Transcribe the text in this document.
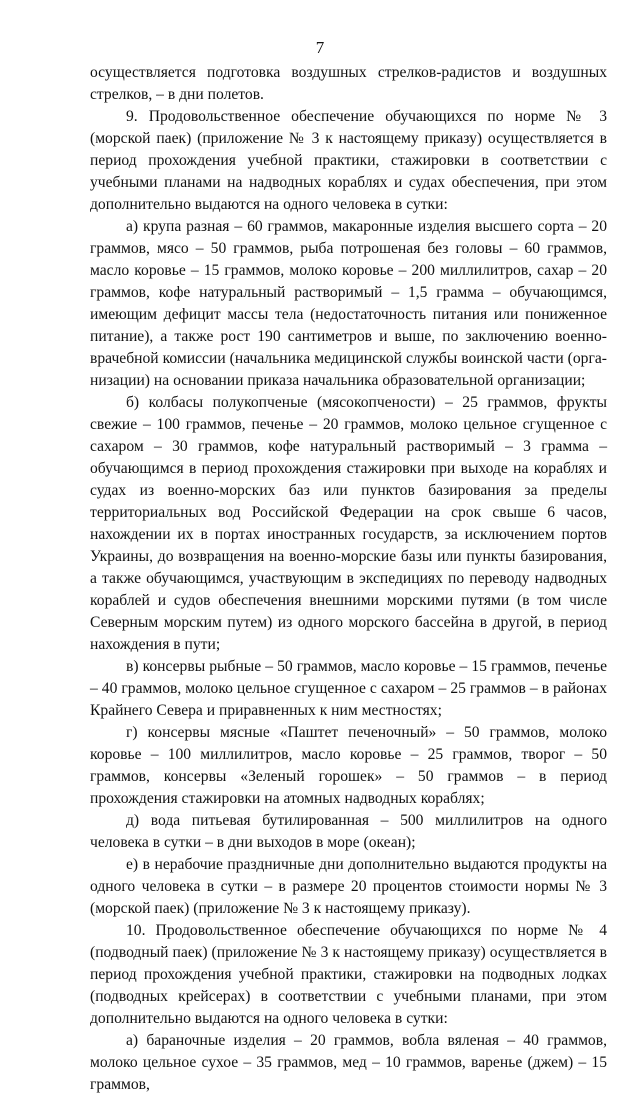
7

осуществляется подготовка воздушных стрелков-радистов и воздушных стрелков, – в дни полетов.

9. Продовольственное обеспечение обучающихся по норме № 3 (морской паек) (приложение № 3 к настоящему приказу) осуществляется в период прохождения учебной практики, стажировки в соответствии с учебными планами на надводных кораблях и судах обеспечения, при этом дополнительно выдаются на одного человека в сутки:

а) крупа разная – 60 граммов, макаронные изделия высшего сорта – 20 граммов, мясо – 50 граммов, рыба потрошеная без головы – 60 граммов, масло коровье – 15 граммов, молоко коровье – 200 миллилитров, сахар – 20 граммов, кофе натуральный растворимый – 1,5 грамма – обучающимся, имеющим дефицит массы тела (недостаточность питания или пониженное питание), а также рост 190 сантиметров и выше, по заключению военноврачебной комиссии (начальника медицинской службы воинской части (организации) на основании приказа начальника образовательной организации;

б) колбасы полукопченые (мясокопчености) – 25 граммов, фрукты свежие – 100 граммов, печенье – 20 граммов, молоко цельное сгущенное с сахаром – 30 граммов, кофе натуральный растворимый – 3 грамма – обучающимся в период прохождения стажировки при выходе на кораблях и судах из военно-морских баз или пунктов базирования за пределы территориальных вод Российской Федерации на срок свыше 6 часов, нахождении их в портах иностранных государств, за исключением портов Украины, до возвращения на военно-морские базы или пункты базирования, а также обучающимся, участвующим в экспедициях по переводу надводных кораблей и судов обеспечения внешними морскими путями (в том числе Северным морским путем) из одного морского бассейна в другой, в период нахождения в пути;

в) консервы рыбные – 50 граммов, масло коровье – 15 граммов, печенье – 40 граммов, молоко цельное сгущенное с сахаром – 25 граммов – в районах Крайнего Севера и приравненных к ним местностях;

г) консервы мясные «Паштет печеночный» – 50 граммов, молоко коровье – 100 миллилитров, масло коровье – 25 граммов, творог – 50 граммов, консервы «Зеленый горошек» – 50 граммов – в период прохождения стажировки на атомных надводных кораблях;

д) вода питьевая бутилированная – 500 миллилитров на одного человека в сутки – в дни выходов в море (океан);

е) в нерабочие праздничные дни дополнительно выдаются продукты на одного человека в сутки – в размере 20 процентов стоимости нормы № 3 (морской паек) (приложение № 3 к настоящему приказу).

10. Продовольственное обеспечение обучающихся по норме № 4 (подводный паек) (приложение № 3 к настоящему приказу) осуществляется в период прохождения учебной практики, стажировки на подводных лодках (подводных крейсерах) в соответствии с учебными планами, при этом дополнительно выдаются на одного человека в сутки:

а) бараночные изделия – 20 граммов, вобла вяленая – 40 граммов, молоко цельное сухое – 35 граммов, мед – 10 граммов, варенье (джем) – 15 граммов,
